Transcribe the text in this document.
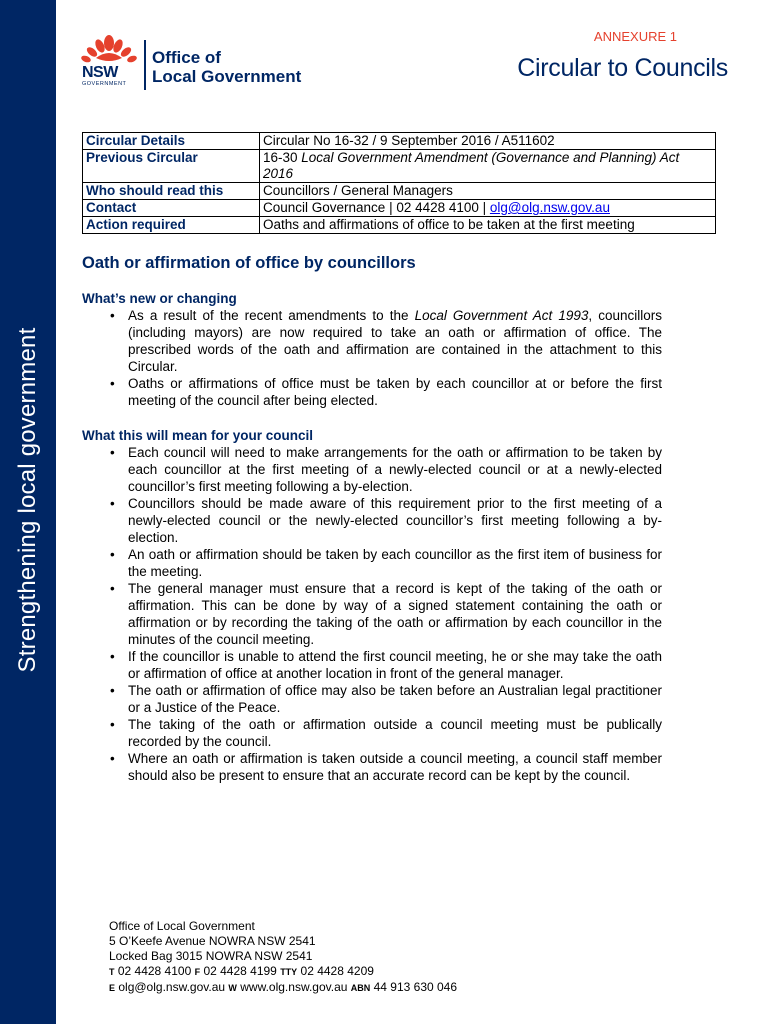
Strengthening local government
NSW
GOVERNMENT
Office of
Local Government
ANNEXURE 1
Circular to Councils
Circular Details	Circular No 16-32 / 9 September 2016 / A511602
Previous Circular	16-30 Local Government Amendment (Governance and Planning) Act 2016
Who should read this	Councillors / General Managers
Contact	Council Governance | 02 4428 4100 | olg@olg.nsw.gov.au
Action required	Oaths and affirmations of office to be taken at the first meeting
Oath or affirmation of office by councillors
What’s new or changing
• As a result of the recent amendments to the Local Government Act 1993, councillors (including mayors) are now required to take an oath or affirmation of office. The prescribed words of the oath and affirmation are contained in the attachment to this Circular.
• Oaths or affirmations of office must be taken by each councillor at or before the first meeting of the council after being elected.
What this will mean for your council
• Each council will need to make arrangements for the oath or affirmation to be taken by each councillor at the first meeting of a newly-elected council or at a newly-elected councillor’s first meeting following a by-election.
• Councillors should be made aware of this requirement prior to the first meeting of a newly-elected council or the newly-elected councillor’s first meeting following a by-election.
• An oath or affirmation should be taken by each councillor as the first item of business for the meeting.
• The general manager must ensure that a record is kept of the taking of the oath or affirmation. This can be done by way of a signed statement containing the oath or affirmation or by recording the taking of the oath or affirmation by each councillor in the minutes of the council meeting.
• If the councillor is unable to attend the first council meeting, he or she may take the oath or affirmation of office at another location in front of the general manager.
• The oath or affirmation of office may also be taken before an Australian legal practitioner or a Justice of the Peace.
• The taking of the oath or affirmation outside a council meeting must be publically recorded by the council.
• Where an oath or affirmation is taken outside a council meeting, a council staff member should also be present to ensure that an accurate record can be kept by the council.
Office of Local Government
5 O’Keefe Avenue NOWRA NSW 2541
Locked Bag 3015 NOWRA NSW 2541
T 02 4428 4100 F 02 4428 4199 TTY 02 4428 4209
E olg@olg.nsw.gov.au W www.olg.nsw.gov.au ABN 44 913 630 046
